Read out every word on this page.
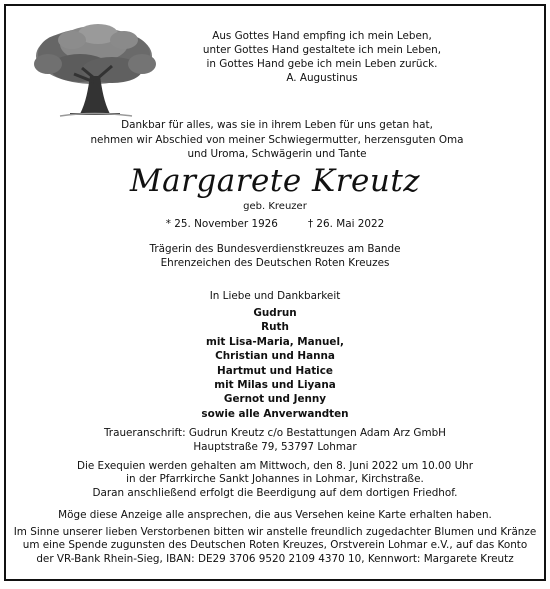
Aus Gottes Hand empfing ich mein Leben,
unter Gottes Hand gestaltete ich mein Leben,
in Gottes Hand gebe ich mein Leben zurück.
A. Augustinus
Dankbar für alles, was sie in ihrem Leben für uns getan hat,
nehmen wir Abschied von meiner Schwiegermutter, herzensguten Oma
und Uroma, Schwägerin und Tante
Margarete Kreutz
geb. Kreuzer
* 25. November 1926	† 26. Mai 2022
Trägerin des Bundesverdienstkreuzes am Bande
Ehrenzeichen des Deutschen Roten Kreuzes
In Liebe und Dankbarkeit
Gudrun
Ruth
mit Lisa-Maria, Manuel,
Christian und Hanna
Hartmut und Hatice
mit Milas und Liyana
Gernot und Jenny
sowie alle Anverwandten
Traueranschrift: Gudrun Kreutz c/o Bestattungen Adam Arz GmbH
Hauptstraße 79, 53797 Lohmar
Die Exequien werden gehalten am Mittwoch, den 8. Juni 2022 um 10.00 Uhr
in der Pfarrkirche Sankt Johannes in Lohmar, Kirchstraße.
Daran anschließend erfolgt die Beerdigung auf dem dortigen Friedhof.
Möge diese Anzeige alle ansprechen, die aus Versehen keine Karte erhalten haben.
Im Sinne unserer lieben Verstorbenen bitten wir anstelle freundlich zugedachter Blumen und Kränze
um eine Spende zugunsten des Deutschen Roten Kreuzes, Orstverein Lohmar e.V., auf das Konto
der VR-Bank Rhein-Sieg, IBAN: DE29 3706 9520 2109 4370 10, Kennwort: Margarete Kreutz
